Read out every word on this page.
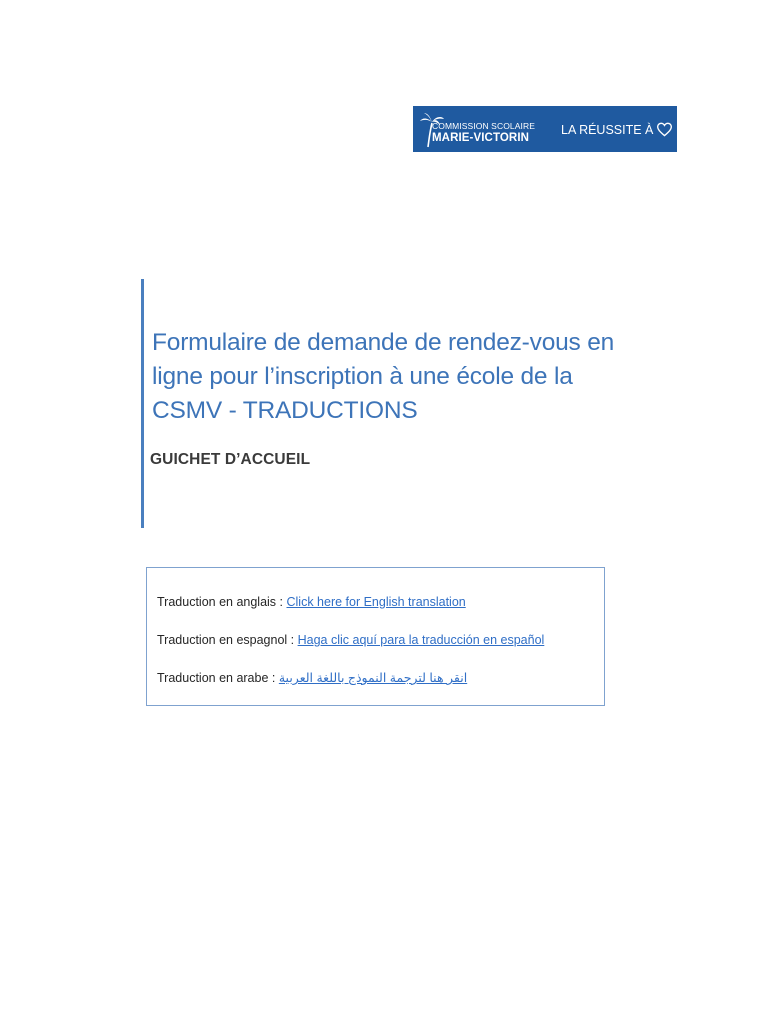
COMMISSION SCOLAIRE
MARIE-VICTORIN
LA RÉUSSITE À
Formulaire de demande de rendez-vous en ligne pour l’inscription à une école de la CSMV - TRADUCTIONS
GUICHET D’ACCUEIL
Traduction en anglais : Click here for English translation
Traduction en espagnol : Haga clic aquí para la traducción en español
Traduction en arabe : انقر هنا لترجمة النموذج باللغة العربية
